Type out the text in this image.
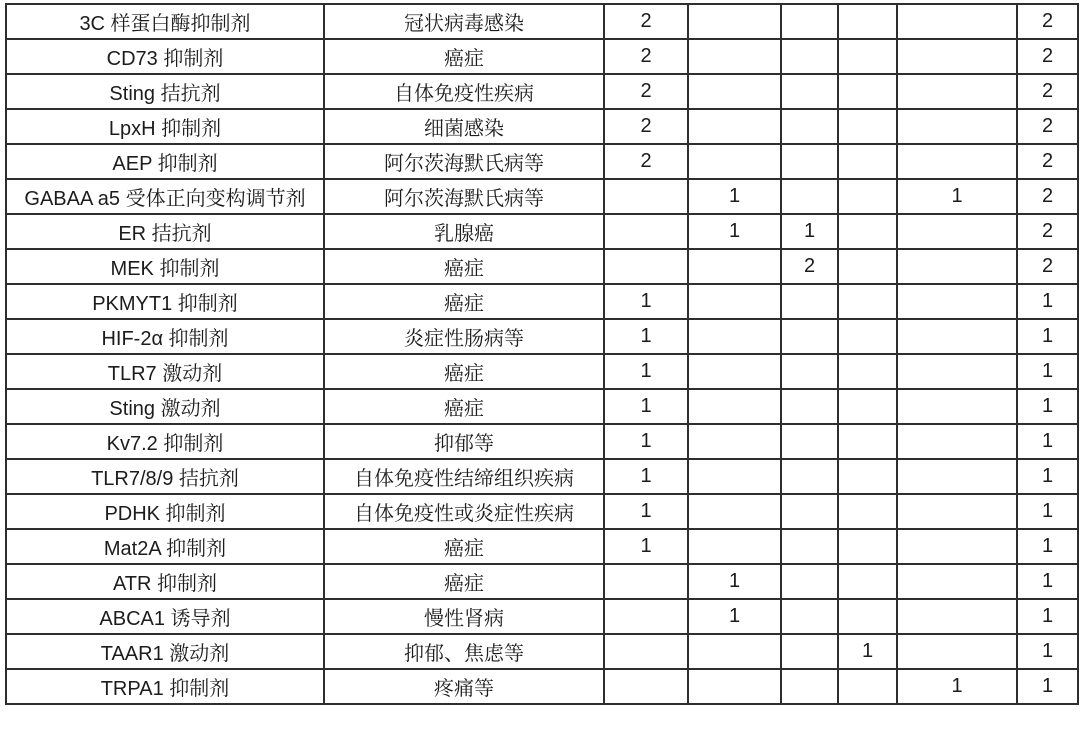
3C 样蛋白酶抑制剂	冠状病毒感染	2					2
CD73 抑制剂	癌症	2					2
Sting 拮抗剂	自体免疫性疾病	2					2
LpxH 抑制剂	细菌感染	2					2
AEP 抑制剂	阿尔茨海默氏病等	2					2
GABAA a5 受体正向变构调节剂	阿尔茨海默氏病等		1			1	2
ER 拮抗剂	乳腺癌		1	1			2
MEK 抑制剂	癌症			2			2
PKMYT1 抑制剂	癌症	1					1
HIF-2α 抑制剂	炎症性肠病等	1					1
TLR7 激动剂	癌症	1					1
Sting 激动剂	癌症	1					1
Kv7.2 抑制剂	抑郁等	1					1
TLR7/8/9 拮抗剂	自体免疫性结缔组织疾病	1					1
PDHK 抑制剂	自体免疫性或炎症性疾病	1					1
Mat2A 抑制剂	癌症	1					1
ATR 抑制剂	癌症		1				1
ABCA1 诱导剂	慢性肾病		1				1
TAAR1 激动剂	抑郁、焦虑等				1		1
TRPA1 抑制剂	疼痛等					1	1
